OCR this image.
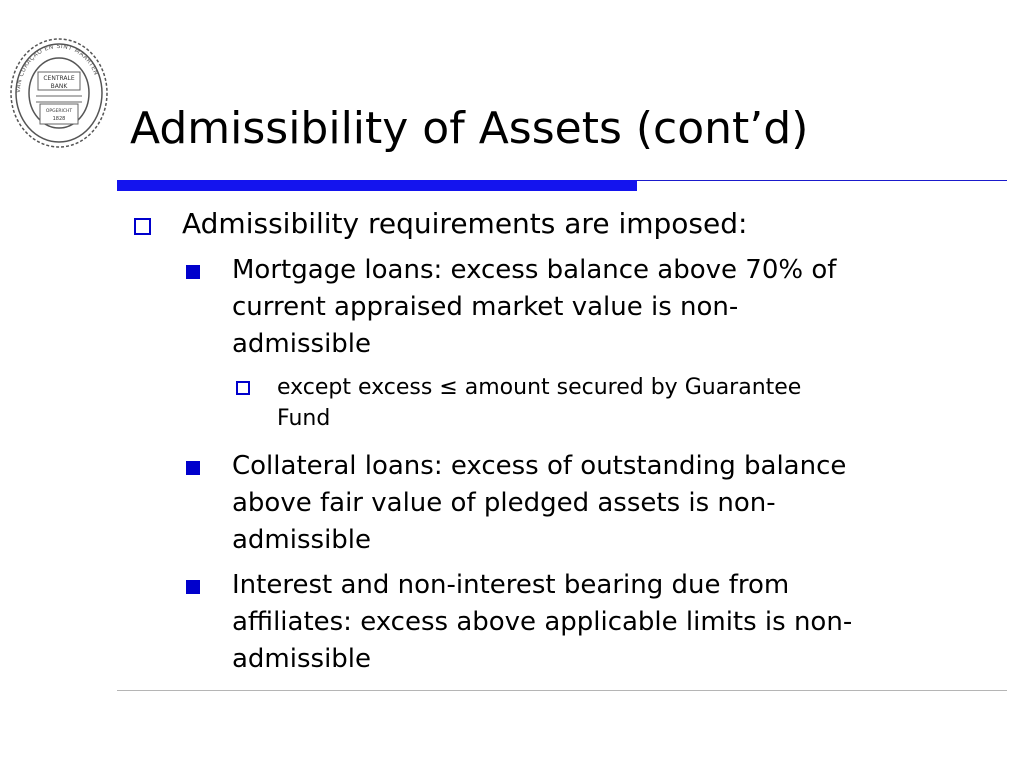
CENTRALE
BANK
OPGERICHT
1828
VAN CURAÇAO EN SINT MAARTEN
Admissibility of Assets (cont’d)
Admissibility requirements are imposed:
Mortgage loans: excess balance above 70% of
current appraised market value is non-
admissible
except excess ≤ amount secured by Guarantee
Fund
Collateral loans: excess of outstanding balance
above fair value of pledged assets is non-
admissible
Interest and non-interest bearing due from
affiliates: excess above applicable limits is non-
admissible
